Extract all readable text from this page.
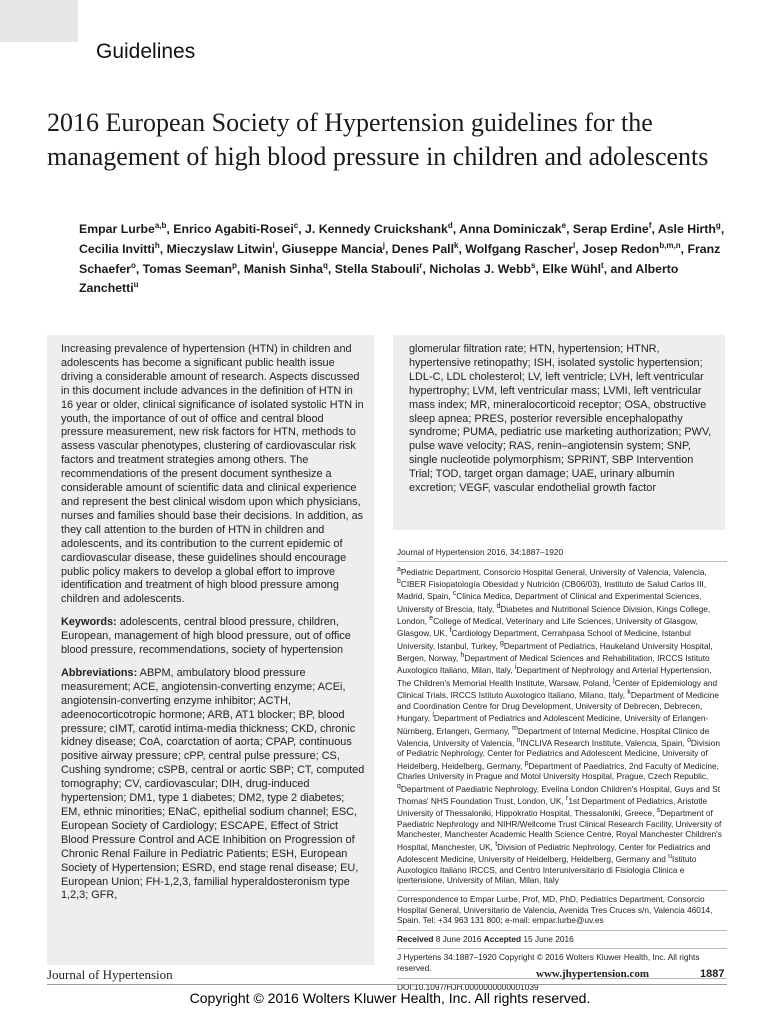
Guidelines
2016 European Society of Hypertension guidelines for the management of high blood pressure in children and adolescents
Empar Lurbe$^{a,b}$, Enrico Agabiti-Rosei$^c$, J. Kennedy Cruickshank$^d$, Anna Dominiczak$^e$, Serap Erdine$^f$, Asle Hirth$^g$, Cecilia Invitti$^h$, Mieczyslaw Litwin$^i$, Giuseppe Mancia$^j$, Denes Pall$^k$, Wolfgang Rascher$^l$, Josep Redon$^{b,m,n}$, Franz Schaefer$^o$, Tomas Seeman$^p$, Manish Sinha$^q$, Stella Stabouli$^r$, Nicholas J. Webb$^s$, Elke Wühl$^t$, and Alberto Zanchetti$^u$

Increasing prevalence of hypertension (HTN) in children and adolescents has become a significant public health issue driving a considerable amount of research. Aspects discussed in this document include advances in the definition of HTN in 16 year or older, clinical significance of isolated systolic HTN in youth, the importance of out of office and central blood pressure measurement, new risk factors for HTN, methods to assess vascular phenotypes, clustering of cardiovascular risk factors and treatment strategies among others. The recommendations of the present document synthesize a considerable amount of scientific data and clinical experience and represent the best clinical wisdom upon which physicians, nurses and families should base their decisions. In addition, as they call attention to the burden of HTN in children and adolescents, and its contribution to the current epidemic of cardiovascular disease, these guidelines should encourage public policy makers to develop a global effort to improve identification and treatment of high blood pressure among children and adolescents.

Keywords: adolescents, central blood pressure, children, European, management of high blood pressure, out of office blood pressure, recommendations, society of hypertension

Abbreviations: ABPM, ambulatory blood pressure measurement; ACE, angiotensin-converting enzyme; ACEi, angiotensin-converting enzyme inhibitor; ACTH, adeenocorticotropic hormone; ARB, AT1 blocker; BP, blood pressure; cIMT, carotid intima-media thickness; CKD, chronic kidney disease; CoA, coarctation of aorta; CPAP, continuous positive airway pressure; cPP, central pulse pressure; CS, Cushing syndrome; cSPB, central or aortic SBP; CT, computed tomography; CV, cardiovascular; DIH, drug-induced hypertension; DM1, type 1 diabetes; DM2, type 2 diabetes; EM, ethnic minorities; ENaC, epithelial sodium channel; ESC, European Society of Cardiology; ESCAPE, Effect of Strict Blood Pressure Control and ACE Inhibition on Progression of Chronic Renal Failure in Pediatric Patients; ESH, European Society of Hypertension; ESRD, end stage renal disease; EU, European Union; FH-1,2,3, familial hyperaldosteronism type 1,2,3; GFR,

glomerular filtration rate; HTN, hypertension; HTNR, hypertensive retinopathy; ISH, isolated systolic hypertension; LDL-C, LDL cholesterol; LV, left ventricle; LVH, left ventricular hypertrophy; LVM, left ventricular mass; LVMI, left ventricular mass index; MR, mineralocorticoid receptor; OSA, obstructive sleep apnea; PRES, posterior reversible encephalopathy syndrome; PUMA, pediatric use marketing authorization; PWV, pulse wave velocity; RAS, renin–angiotensin system; SNP, single nucleotide polymorphism; SPRINT, SBP Intervention Trial; TOD, target organ damage; UAE, urinary albumin excretion; VEGF, vascular endothelial growth factor

Journal of Hypertension 2016, 34:1887–1920

$^a$Pediatric Department, Consorcio Hospital General, University of Valencia, Valencia, $^b$CIBER Fisiopatología Obesidad y Nutrición (CB06/03), Instituto de Salud Carlos III, Madrid, Spain, $^c$Clinica Medica, Department of Clinical and Experimental Sciences, University of Brescia, Italy, $^d$Diabetes and Nutritional Science Division, Kings College, London, $^e$College of Medical, Veterinary and Life Sciences, University of Glasgow, Glasgow, UK, $^f$Cardiology Department, Cerrahpasa School of Medicine, Istanbul University, Istanbul, Turkey, $^g$Department of Pediatrics, Haukeland University Hospital, Bergen, Norway, $^h$Department of Medical Sciences and Rehabilitation, IRCCS Istituto Auxologico Italiano, Milan, Italy, $^i$Department of Nephrology and Arterial Hypertension, The Children's Memorial Health Institute, Warsaw, Poland, $^j$Center of Epidemiology and Clinical Trials, IRCCS Istituto Auxologico Italiano, Milano, Italy, $^k$Department of Medicine and Coordination Centre for Drug Development, University of Debrecen, Debrecen, Hungary, $^l$Department of Pediatrics and Adolescent Medicine, University of Erlangen-Nürnberg, Erlangen, Germany, $^m$Department of Internal Medicine, Hospital Clinico de Valencia, University of Valencia, $^n$INCLIVA Research Institute, Valencia, Spain, $^o$Division of Pediatric Nephrology, Center for Pediatrics and Adolescent Medicine, University of Heidelberg, Heidelberg, Germany, $^p$Department of Paediatrics, 2nd Faculty of Medicine, Charles University in Prague and Motol University Hospital, Prague, Czech Republic, $^q$Department of Paediatric Nephrology, Evelina London Children's Hospital, Guys and St Thomas' NHS Foundation Trust, London, UK, $^r$1st Department of Pediatrics, Aristotle University of Thessaloniki, Hippokratio Hospital, Thessaloniki, Greece, $^s$Department of Paediatric Nephrology and NIHR/Wellcome Trust Clinical Research Facility, University of Manchester, Manchester Academic Health Science Centre, Royal Manchester Children's Hospital, Manchester, UK, $^t$Division of Pediatric Nephrology, Center for Pediatrics and Adolescent Medicine, University of Heidelberg, Heidelberg, Germany and $^u$Istituto Auxologico Italiano IRCCS, and Centro Interuniversitario di Fisiologia Clinica e ipertensione, University of Milan, Milan, Italy

Correspondence to Empar Lurbe, Prof, MD, PhD, Pediatrics Department, Consorcio Hospital General, Universitario de Valencia, Avenida Tres Cruces s/n, Valencia 46014, Spain. Tel: +34 963 131 800; e-mail: empar.lurbe@uv.es

Received 8 June 2016 Accepted 15 June 2016

J Hypertens 34:1887–1920 Copyright © 2016 Wolters Kluwer Health, Inc. All rights reserved.

DOI:10.1097/HJH.0000000000001039

Journal of Hypertension	www.jhypertension.com	1887
Copyright © 2016 Wolters Kluwer Health, Inc. All rights reserved.
